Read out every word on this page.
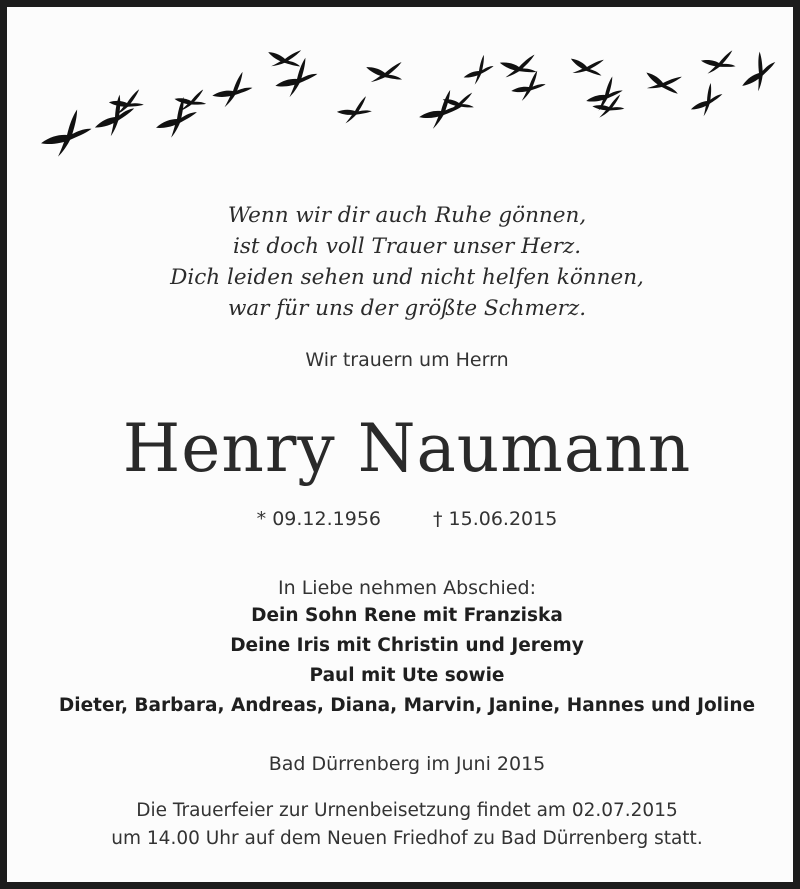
Wenn wir dir auch Ruhe gönnen,
ist doch voll Trauer unser Herz.
Dich leiden sehen und nicht helfen können,
war für uns der größte Schmerz.
Wir trauern um Herrn
Henry Naumann
* 09.12.1956	† 15.06.2015
In Liebe nehmen Abschied:
Dein Sohn Rene mit Franziska
Deine Iris mit Christin und Jeremy
Paul mit Ute sowie
Dieter, Barbara, Andreas, Diana, Marvin, Janine, Hannes und Joline
Bad Dürrenberg im Juni 2015
Die Trauerfeier zur Urnenbeisetzung findet am 02.07.2015
um 14.00 Uhr auf dem Neuen Friedhof zu Bad Dürrenberg statt.
